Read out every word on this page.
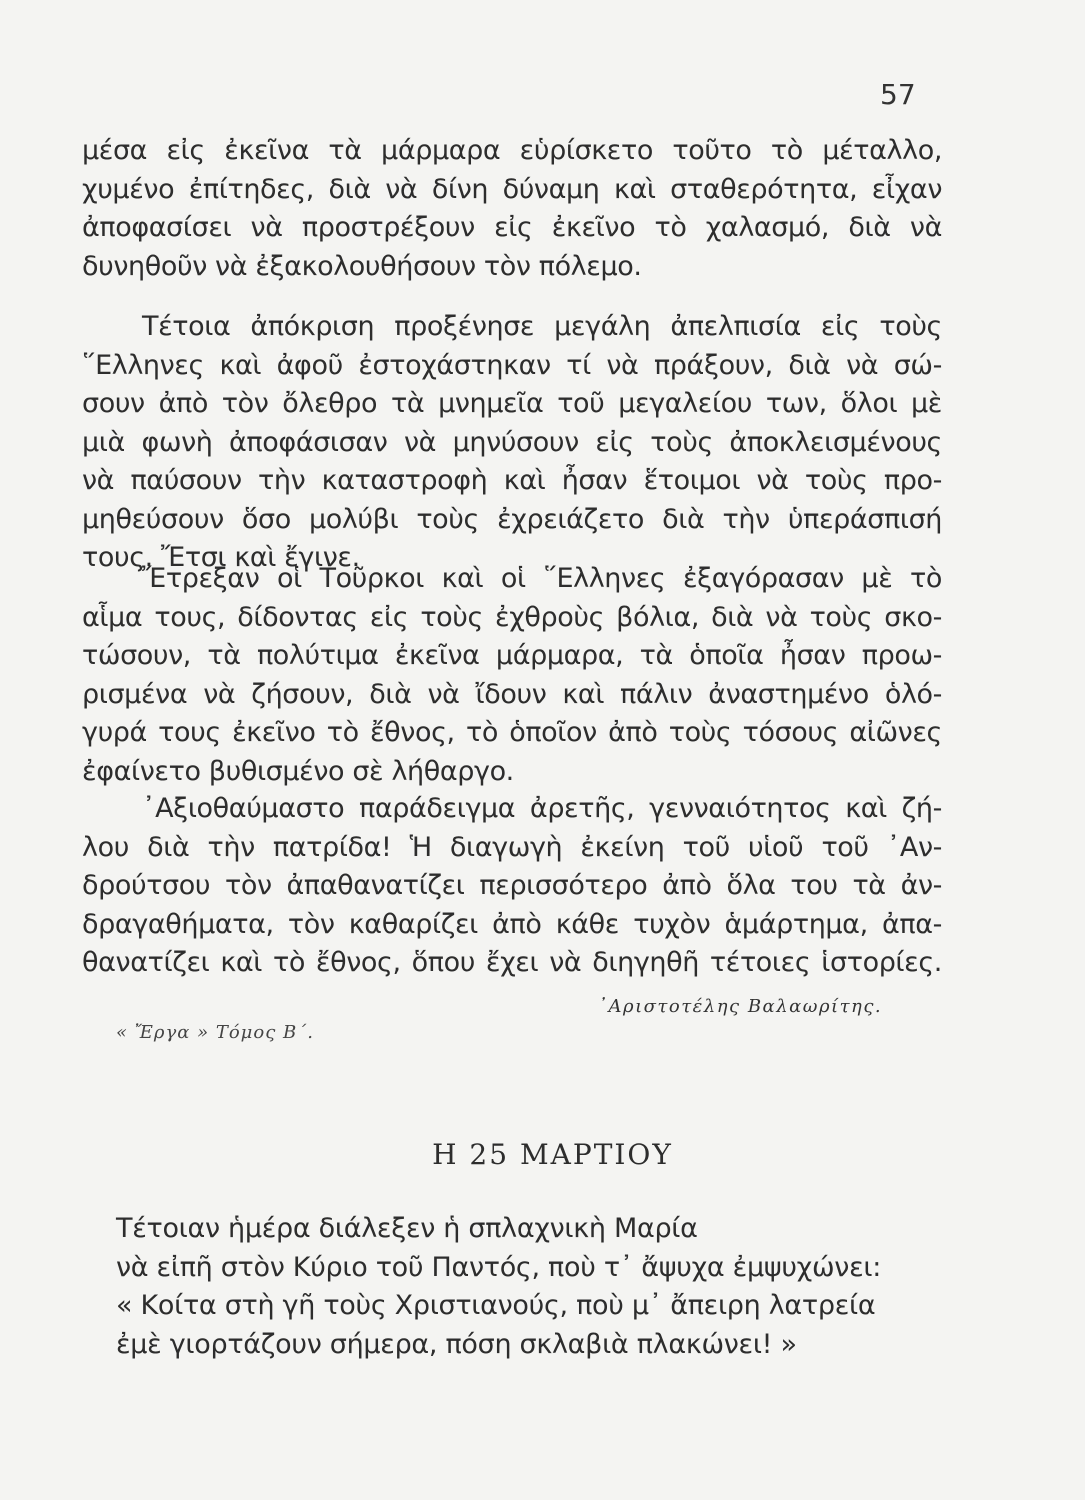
57
μέσα εἰς ἐκεῖνα τὰ μάρμαρα εὑρίσκετο τοῦτο τὸ μέταλλο,
χυμένο ἐπίτηδες, διὰ νὰ δίνη δύναμη καὶ σταθερότητα, εἶχαν
ἀποφασίσει νὰ προστρέξουν εἰς ἐκεῖνο τὸ χαλασμό, διὰ νὰ
δυνηθοῦν νὰ ἐξακολουθήσουν τὸν πόλεμο.
Τέτοια ἀπόκριση προξένησε μεγάλη ἀπελπισία εἰς τοὺς
῞Ελληνες καὶ ἀφοῦ ἐστοχάστηκαν τί νὰ πράξουν, διὰ νὰ σώ-
σουν ἀπὸ τὸν ὄλεθρο τὰ μνημεῖα τοῦ μεγαλείου των, ὅλοι μὲ
μιὰ φωνὴ ἀποφάσισαν νὰ μηνύσουν εἰς τοὺς ἀποκλεισμένους
νὰ παύσουν τὴν καταστροφὴ καὶ ἦσαν ἕτοιμοι νὰ τοὺς προ-
μηθεύσουν ὅσο μολύβι τοὺς ἐχρειάζετο διὰ τὴν ὑπεράσπισή
τους. Ἔτσι καὶ ἔγινε.
Ἔτρεξαν οἱ Τοῦρκοι καὶ οἱ ῞Ελληνες ἐξαγόρασαν μὲ τὸ
αἷμα τους, δίδοντας εἰς τοὺς ἐχθροὺς βόλια, διὰ νὰ τοὺς σκο-
τώσουν, τὰ πολύτιμα ἐκεῖνα μάρμαρα, τὰ ὁποῖα ἦσαν προω-
ρισμένα νὰ ζήσουν, διὰ νὰ ἴδουν καὶ πάλιν ἀναστημένο ὁλό-
γυρά τους ἐκεῖνο τὸ ἔθνος, τὸ ὁποῖον ἀπὸ τοὺς τόσους αἰῶνες
ἐφαίνετο βυθισμένο σὲ λήθαργο.
᾿Αξιοθαύμαστο παράδειγμα ἀρετῆς, γενναιότητος καὶ ζή-
λου διὰ τὴν πατρίδα! Ἡ διαγωγὴ ἐκείνη τοῦ υἱοῦ τοῦ ᾿Αν-
δρούτσου τὸν ἀπαθανατίζει περισσότερο ἀπὸ ὅλα του τὰ ἀν-
δραγαθήματα, τὸν καθαρίζει ἀπὸ κάθε τυχὸν ἁμάρτημα, ἀπα-
θανατίζει καὶ τὸ ἔθνος, ὅπου ἔχει νὰ διηγηθῆ τέτοιες ἱστορίες.
᾿Αριστοτέλης Βαλαωρίτης.
« Ἔργα » Τόμος Β΄.
Η 25 ΜΑΡΤΙΟΥ
Τέτοιαν ἡμέρα διάλεξεν ἡ σπλαχνικὴ Μαρία
νὰ εἰπῆ στὸν Κύριο τοῦ Παντός, ποὺ τ᾿ ἄψυχα ἐμψυχώνει:
« Κοίτα στὴ γῆ τοὺς Χριστιανούς, ποὺ μ᾿ ἄπειρη λατρεία
ἐμὲ γιορτάζουν σήμερα, πόση σκλαβιὰ πλακώνει! »
